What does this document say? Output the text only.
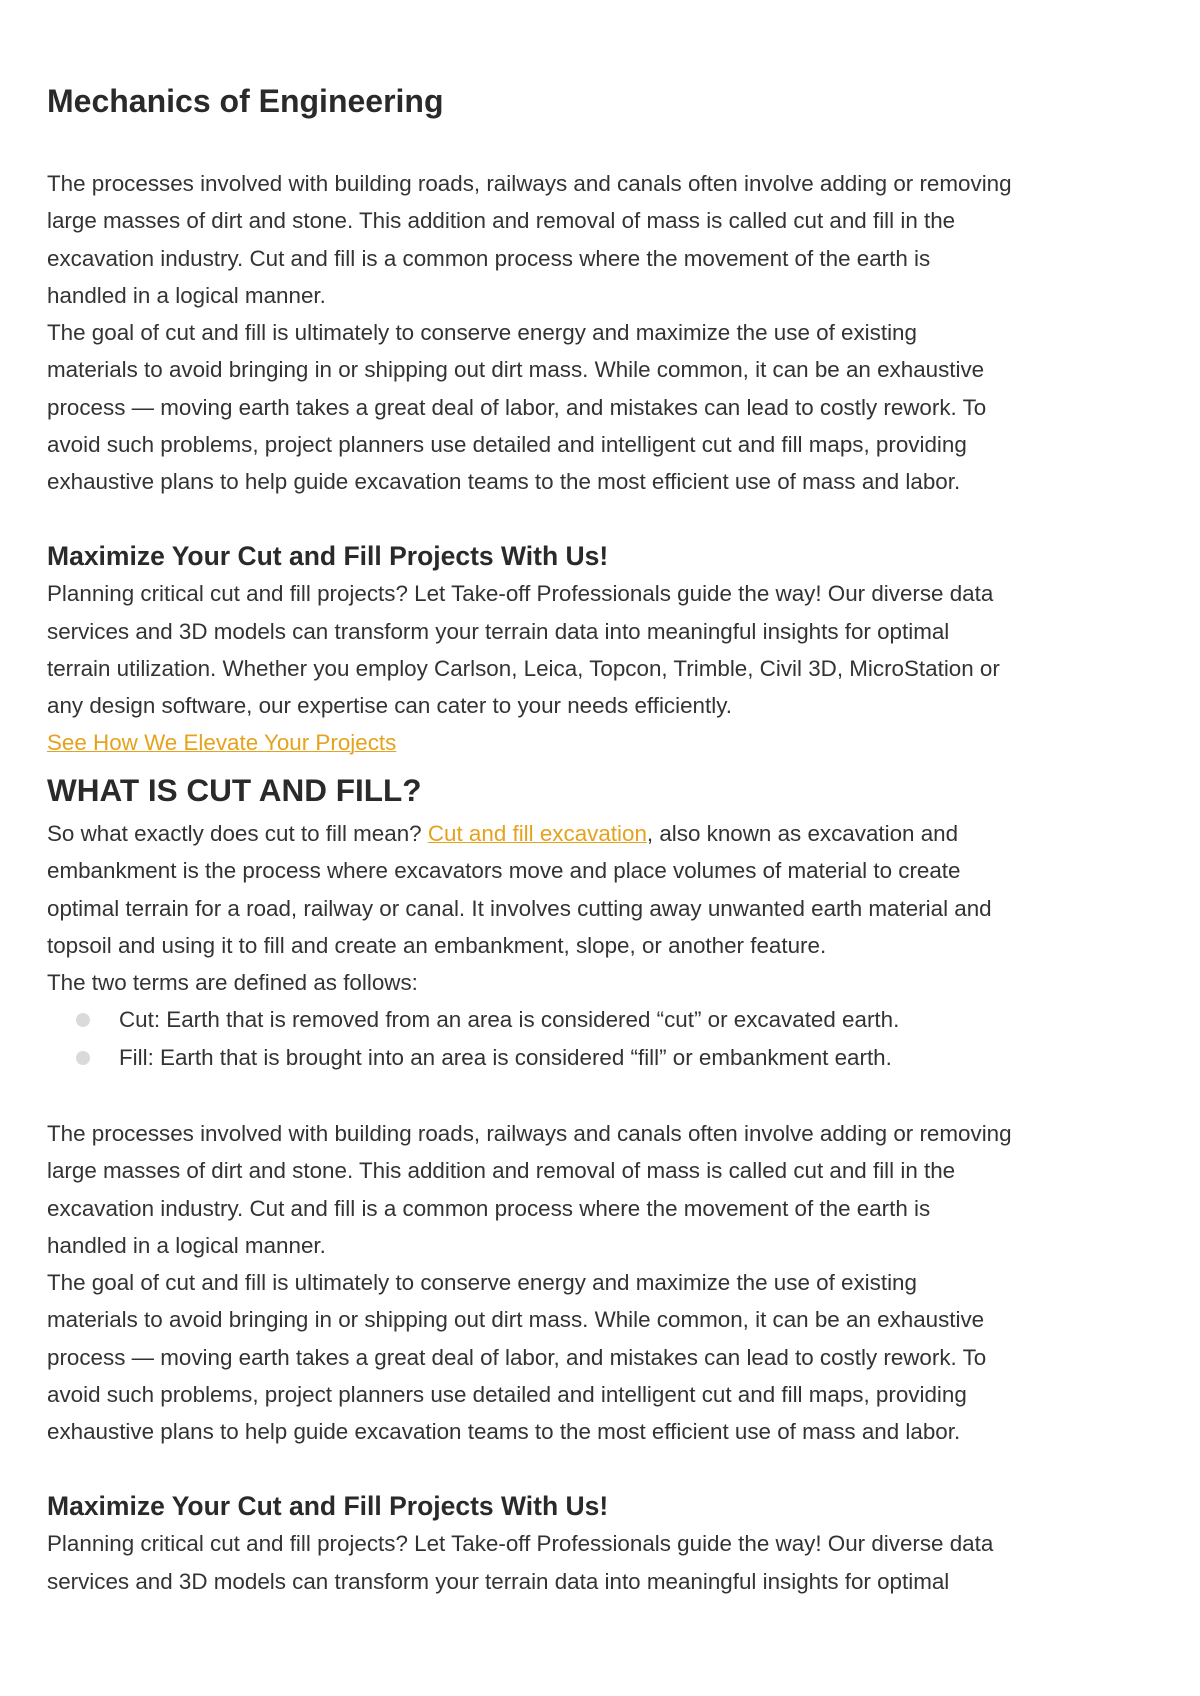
Mechanics of Engineering

The processes involved with building roads, railways and canals often involve adding or removing

large masses of dirt and stone. This addition and removal of mass is called cut and fill in the

excavation industry. Cut and fill is a common process where the movement of the earth is

handled in a logical manner.

The goal of cut and fill is ultimately to conserve energy and maximize the use of existing

materials to avoid bringing in or shipping out dirt mass. While common, it can be an exhaustive

process — moving earth takes a great deal of labor, and mistakes can lead to costly rework. To

avoid such problems, project planners use detailed and intelligent cut and fill maps, providing

exhaustive plans to help guide excavation teams to the most efficient use of mass and labor.

Maximize Your Cut and Fill Projects With Us!

Planning critical cut and fill projects? Let Take-off Professionals guide the way! Our diverse data

services and 3D models can transform your terrain data into meaningful insights for optimal

terrain utilization. Whether you employ Carlson, Leica, Topcon, Trimble, Civil 3D, MicroStation or

any design software, our expertise can cater to your needs efficiently.

See How We Elevate Your Projects

WHAT IS CUT AND FILL?

So what exactly does cut to fill mean? Cut and fill excavation, also known as excavation and

embankment is the process where excavators move and place volumes of material to create

optimal terrain for a road, railway or canal. It involves cutting away unwanted earth material and

topsoil and using it to fill and create an embankment, slope, or another feature.

The two terms are defined as follows:

Cut: Earth that is removed from an area is considered “cut” or excavated earth.
Fill: Earth that is brought into an area is considered “fill” or embankment earth.

The processes involved with building roads, railways and canals often involve adding or removing

large masses of dirt and stone. This addition and removal of mass is called cut and fill in the

excavation industry. Cut and fill is a common process where the movement of the earth is

handled in a logical manner.

The goal of cut and fill is ultimately to conserve energy and maximize the use of existing

materials to avoid bringing in or shipping out dirt mass. While common, it can be an exhaustive

process — moving earth takes a great deal of labor, and mistakes can lead to costly rework. To

avoid such problems, project planners use detailed and intelligent cut and fill maps, providing

exhaustive plans to help guide excavation teams to the most efficient use of mass and labor.

Maximize Your Cut and Fill Projects With Us!

Planning critical cut and fill projects? Let Take-off Professionals guide the way! Our diverse data

services and 3D models can transform your terrain data into meaningful insights for optimal
